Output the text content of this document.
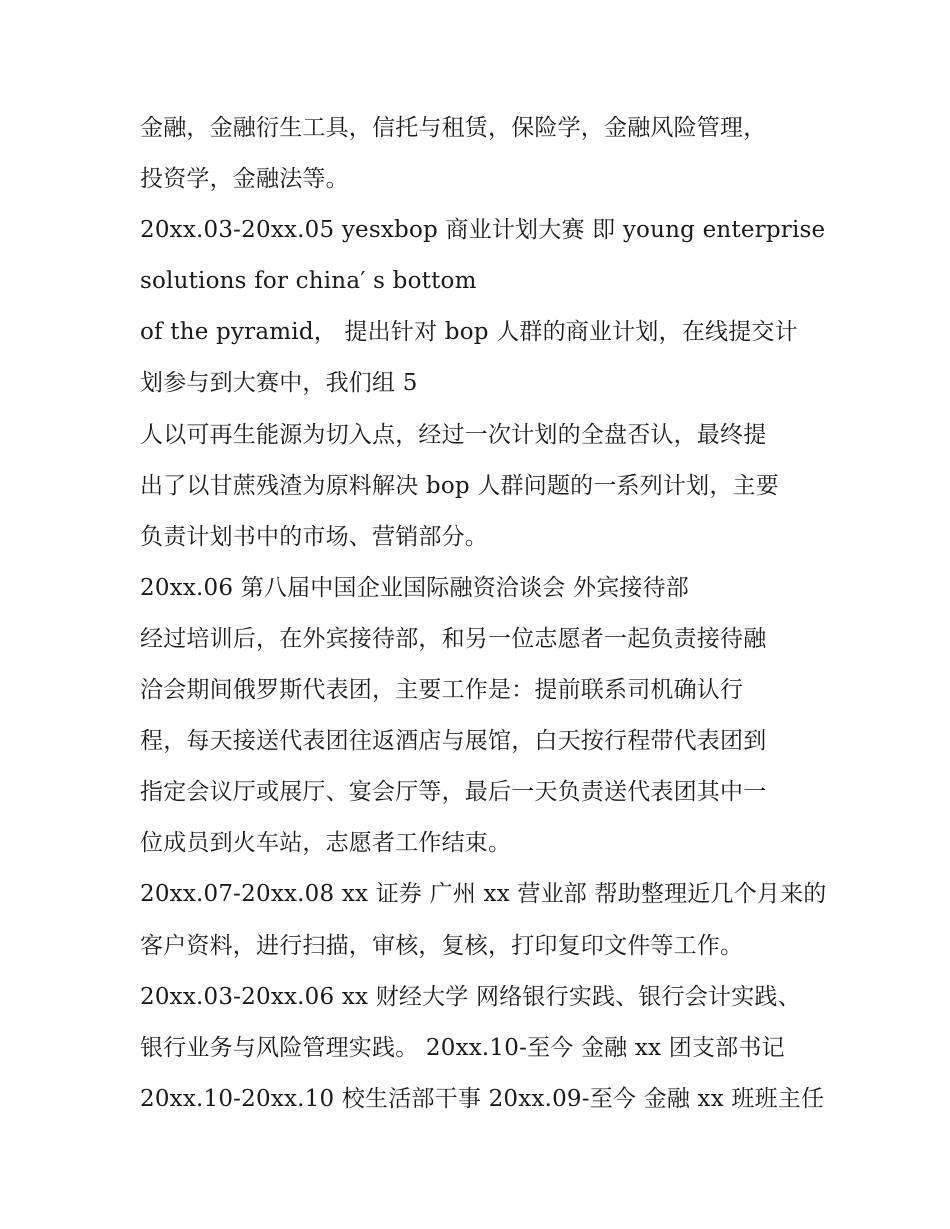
金融，金融衍生工具，信托与租赁，保险学，金融风险管理，
投资学，金融法等。
20xx.03-20xx.05 yesxbop 商业计划大赛 即 young enterprise
solutions for china′ s bottom
of the pyramid， 提出针对 bop 人群的商业计划，在线提交计
划参与到大赛中，我们组 5
人以可再生能源为切入点，经过一次计划的全盘否认，最终提
出了以甘蔗残渣为原料解决 bop 人群问题的一系列计划，主要
负责计划书中的市场、营销部分。
20xx.06 第八届中国企业国际融资洽谈会 外宾接待部
经过培训后，在外宾接待部，和另一位志愿者一起负责接待融
洽会期间俄罗斯代表团，主要工作是：提前联系司机确认行
程，每天接送代表团往返酒店与展馆，白天按行程带代表团到
指定会议厅或展厅、宴会厅等，最后一天负责送代表团其中一
位成员到火车站，志愿者工作结束。
20xx.07-20xx.08 xx 证券 广州 xx 营业部 帮助整理近几个月来的
客户资料，进行扫描，审核，复核，打印复印文件等工作。
20xx.03-20xx.06 xx 财经大学 网络银行实践、银行会计实践、
银行业务与风险管理实践。 20xx.10-至今 金融 xx 团支部书记
20xx.10-20xx.10 校生活部干事 20xx.09-至今 金融 xx 班班主任
